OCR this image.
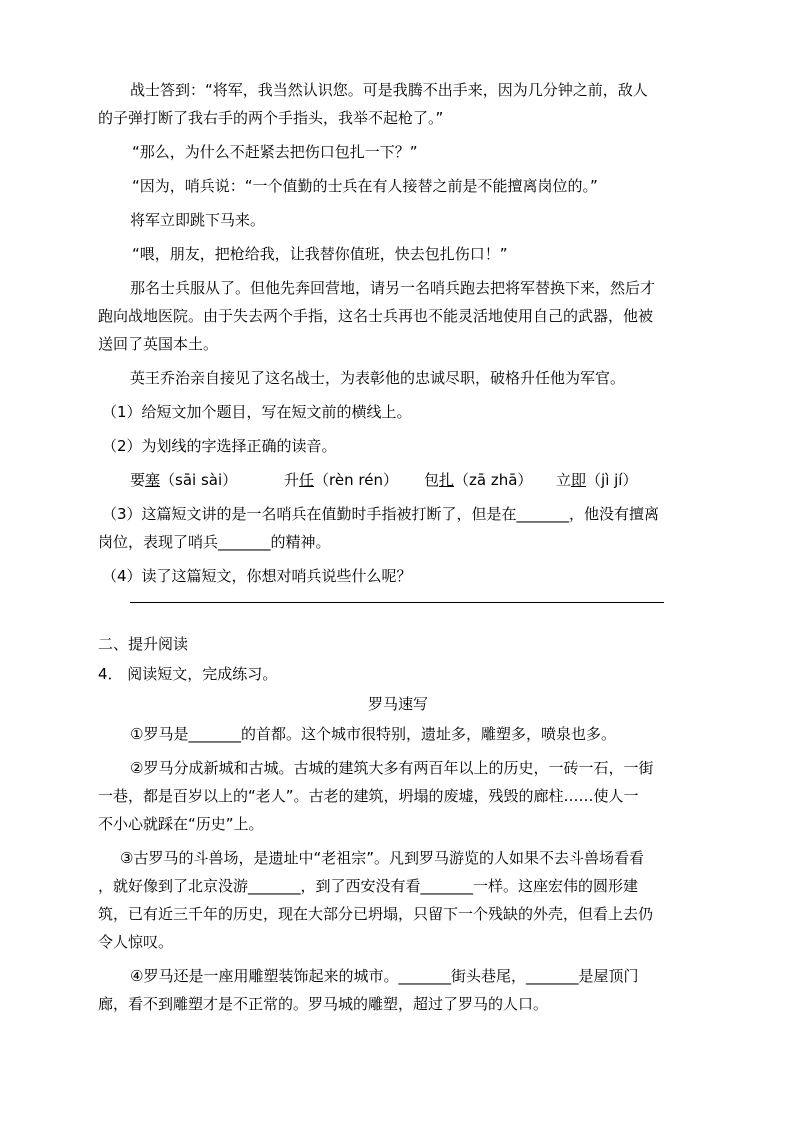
战士答到：“将军，我当然认识您。可是我腾不出手来，因为几分钟之前，敌人
的子弹打断了我右手的两个手指头，我举不起枪了。”
“那么，为什么不赶紧去把伤口包扎一下？”
“因为，哨兵说：“一个值勤的士兵在有人接替之前是不能擅离岗位的。”
将军立即跳下马来。
“喂，朋友，把枪给我，让我替你值班，快去包扎伤口！”
那名士兵服从了。但他先奔回营地，请另一名哨兵跑去把将军替换下来，然后才
跑向战地医院。由于失去两个手指，这名士兵再也不能灵活地使用自己的武器，他被
送回了英国本土。
英王乔治亲自接见了这名战士，为表彰他的忠诚尽职，破格升任他为军官。
（1）给短文加个题目，写在短文前的横线上。
（2）为划线的字选择正确的读音。
要塞（sāi sài）	升任（rèn rén） 包扎（zā zhā） 立即（jì jí）
（3）这篇短文讲的是一名哨兵在值勤时手指被打断了，但是在_______，他没有擅离
岗位，表现了哨兵_______的精神。
（4）读了这篇短文，你想对哨兵说些什么呢？
二、提升阅读
4． 阅读短文，完成练习。
罗马速写
①罗马是_______的首都。这个城市很特别，遗址多，雕塑多，喷泉也多。
②罗马分成新城和古城。古城的建筑大多有两百年以上的历史，一砖一石，一街
一巷，都是百岁以上的“老人”。古老的建筑，坍塌的废墟，残毁的廊柱……使人一
不小心就踩在“历史”上。
③古罗马的斗兽场，是遗址中“老祖宗”。凡到罗马游览的人如果不去斗兽场看看
，就好像到了北京没游_______，到了西安没有看_______一样。这座宏伟的圆形建
筑，已有近三千年的历史，现在大部分已坍塌，只留下一个残缺的外壳，但看上去仍
令人惊叹。
④罗马还是一座用雕塑装饰起来的城市。_______街头巷尾，_______是屋顶门
廊，看不到雕塑才是不正常的。罗马城的雕塑，超过了罗马的人口。
